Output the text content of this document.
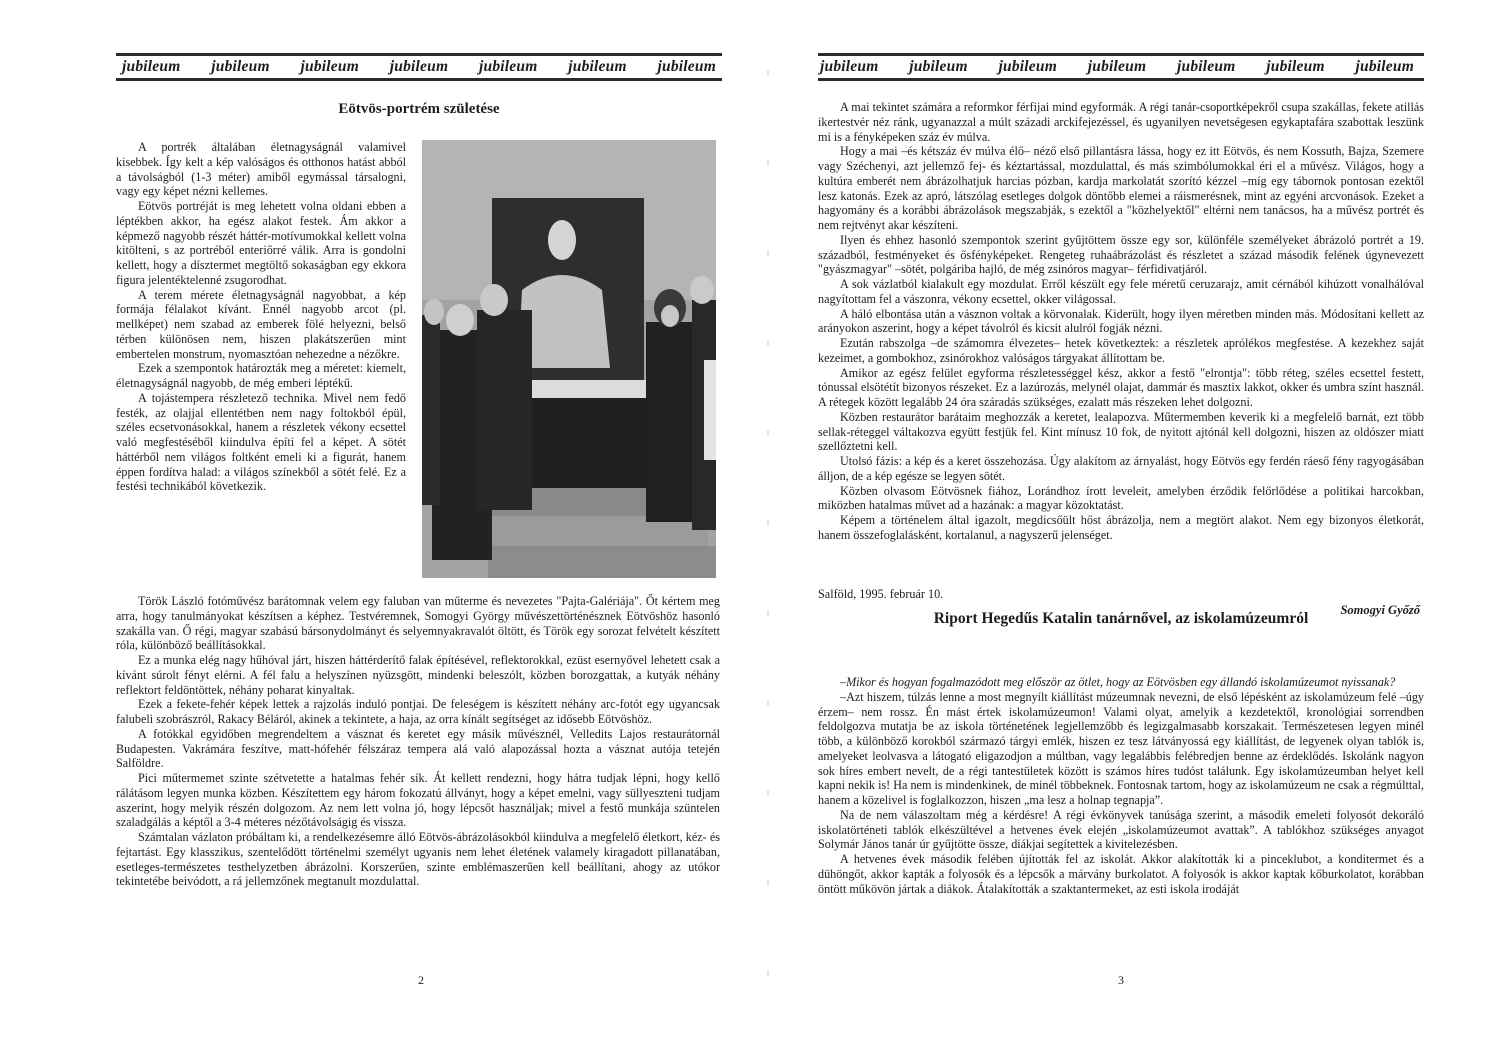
jubileum jubileum jubileum jubileum jubileum jubileum jubileum
Eötvös-portrém születése

A portrék általában életnagyságnál valamivel kisebbek. Így kelt a kép valóságos és otthonos hatást abból a távolságból (1-3 méter) amiből egymással társalogni, vagy egy képet nézni kellemes.

Eötvös portréját is meg lehetett volna oldani ebben a léptékben akkor, ha egész alakot festek. Ám akkor a képmező nagyobb részét háttér-motívumokkal kellett volna kitölteni, s az portréból enteriőrré válik. Arra is gondolni kellett, hogy a dísztermet megtöltő sokaságban egy ekkora figura jelentéktelenné zsugorodhat.

A terem mérete életnagyságnál nagyobbat, a kép formája félalakot kívánt. Ennél nagyobb arcot (pl. mellképet) nem szabad az emberek fölé helyezni, belső térben különösen nem, hiszen plakátszerűen mint embertelen monstrum, nyomasztóan nehezedne a nézőkre.

Ezek a szempontok határozták meg a méretet: kiemelt, életnagyságnál nagyobb, de még emberi léptékű.

A tojástempera részletező technika. Mivel nem fedő festék, az olajjal ellentétben nem nagy foltokból épül, széles ecsetvonásokkal, hanem a részletek vékony ecsettel való megfestéséből kiindulva építi fel a képet. A sötét háttérből nem világos foltként emeli ki a figurát, hanem éppen fordítva halad: a világos színekből a sötét felé. Ez a festési technikából következik.

Török László fotóművész barátomnak velem egy faluban van műterme és nevezetes "Pajta-Galériája". Őt kértem meg arra, hogy tanulmányokat készítsen a képhez. Testvéremnek, Somogyi György művészettörténésznek Eötvöshöz hasonló szakálla van. Ő régi, magyar szabású bársonydolmányt és selyemnyakravalót öltött, és Török egy sorozat felvételt készített róla, különböző beállításokkal.

Ez a munka elég nagy hűhóval járt, hiszen háttérderítő falak építésével, reflektorokkal, ezüst esernyővel lehetett csak a kívánt súrolt fényt elérni. A fél falu a helyszínen nyüzsgött, mindenki beleszólt, közben borozgattak, a kutyák néhány reflektort feldöntöttek, néhány poharat kinyaltak.

Ezek a fekete-fehér képek lettek a rajzolás induló pontjai. De feleségem is készített néhány arc-fotót egy ugyancsak falubeli szobrászról, Rakacy Béláról, akinek a tekintete, a haja, az orra kínált segítséget az idősebb Eötvöshöz.

A fotókkal egyidőben megrendeltem a vásznat és keretet egy másik művésznél, Velledits Lajos restaurátornál Budapesten. Vakrámára feszítve, matt-hófehér félszáraz tempera alá való alapozással hozta a vásznat autója tetején Salföldre.

Pici műtermemet szinte szétvetette a hatalmas fehér sík. Át kellett rendezni, hogy hátra tudjak lépni, hogy kellő rálátásom legyen munka közben. Készítettem egy három fokozatú állványt, hogy a képet emelni, vagy süllyeszteni tudjam aszerint, hogy melyik részén dolgozom. Az nem lett volna jó, hogy lépcsőt használjak; mivel a festő munkája szüntelen szaladgálás a képtől a 3-4 méteres nézőtávolságig és vissza.

Számtalan vázlaton próbáltam ki, a rendelkezésemre álló Eötvös-ábrázolásokból kiindulva a megfelelő életkort, kéz- és fejtartást. Egy klasszikus, szentelődött történelmi személyt ugyanis nem lehet életének valamely kiragadott pillanatában, esetleges-természetes testhelyzetben ábrázolni. Korszerűen, szinte emblémaszerűen kell beállítani, ahogy az utókor tekintetébe beivódott, a rá jellemzőnek megtanult mozdulattal.

2
jubileum jubileum jubileum jubileum jubileum jubileum jubileum

A mai tekintet számára a reformkor férfijai mind egyformák. A régi tanár-csoportképekről csupa szakállas, fekete atillás ikertestvér néz ránk, ugyanazzal a múlt századi arckifejezéssel, és ugyanilyen nevetségesen egykaptafára szabottak leszünk mi is a fényképeken száz év múlva.

Hogy a mai –és kétszáz év múlva élő– néző első pillantásra lássa, hogy ez itt Eötvös, és nem Kossuth, Bajza, Szemere vagy Széchenyi, azt jellemző fej- és kéztartással, mozdulattal, és más szimbólumokkal éri el a művész. Világos, hogy a kultúra emberét nem ábrázolhatjuk harcias pózban, kardja markolatát szorító kézzel –míg egy tábornok pontosan ezektől lesz katonás. Ezek az apró, látszólag esetleges dolgok döntőbb elemei a ráismerésnek, mint az egyéni arcvonások. Ezeket a hagyomány és a korábbi ábrázolások megszabják, s ezektől a "közhelyektől" eltérni nem tanácsos, ha a művész portrét és nem rejtvényt akar készíteni.

Ilyen és ehhez hasonló szempontok szerint gyűjtöttem össze egy sor, különféle személyeket ábrázoló portrét a 19. századból, festményeket és ősfényképeket. Rengeteg ruhaábrázolást és részletet a század második felének úgynevezett "gyászmagyar" –sötét, polgáriba hajló, de még zsinóros magyar– férfidivatjáról.

A sok vázlatból kialakult egy mozdulat. Erről készült egy fele méretű ceruzarajz, amit cérnából kihúzott vonalhálóval nagyítottam fel a vászonra, vékony ecsettel, okker világossal.

A háló elbontása után a vásznon voltak a körvonalak. Kiderült, hogy ilyen méretben minden más. Módosítani kellett az arányokon aszerint, hogy a képet távolról és kicsit alulról fogják nézni.

Ezután rabszolga –de számomra élvezetes– hetek következtek: a részletek aprólékos megfestése. A kezekhez saját kezeimet, a gombokhoz, zsinórokhoz valóságos tárgyakat állítottam be.

Amikor az egész felület egyforma részletességgel kész, akkor a festő "elrontja": több réteg, széles ecsettel festett, tónussal elsötétít bizonyos részeket. Ez a lazúrozás, melynél olajat, dammár és masztix lakkot, okker és umbra színt használ. A rétegek között legalább 24 óra száradás szükséges, ezalatt más részeken lehet dolgozni.

Közben restaurátor barátaim meghozzák a keretet, lealapozva. Műtermemben keverik ki a megfelelő barnát, ezt több sellak-réteggel váltakozva együtt festjük fel. Kint mínusz 10 fok, de nyitott ajtónál kell dolgozni, hiszen az oldószer miatt szellőztetni kell.

Utolsó fázis: a kép és a keret összehozása. Úgy alakítom az árnyalást, hogy Eötvös egy ferdén ráeső fény ragyogásában álljon, de a kép egésze se legyen sötét.

Közben olvasom Eötvösnek fiához, Lorándhoz írott leveleit, amelyben érződik felőrlődése a politikai harcokban, miközben hatalmas művet ad a hazának: a magyar közoktatást.

Képem a történelem által igazolt, megdicsőült hőst ábrázolja, nem a megtört alakot. Nem egy bizonyos életkorát, hanem összefoglalásként, kortalanul, a nagyszerű jelenséget.

Salföld, 1995. február 10.
Somogyi Győző
Riport Hegedűs Katalin tanárnővel, az iskolamúzeumról

–Mikor és hogyan fogalmazódott meg először az ötlet, hogy az Eötvösben egy állandó iskolamúzeumot nyissanak?

–Azt hiszem, túlzás lenne a most megnyílt kiállítást múzeumnak nevezni, de első lépésként az iskolamúzeum felé –úgy érzem– nem rossz. Én mást értek iskolamúzeumon! Valami olyat, amelyik a kezdetektől, kronológiai sorrendben feldolgozva mutatja be az iskola történetének legjellemzőbb és legizgalmasabb korszakait. Természetesen legyen minél több, a különböző korokból származó tárgyi emlék, hiszen ez tesz látványossá egy kiállítást, de legyenek olyan tablók is, amelyeket leolvasva a látogató eligazodjon a múltban, vagy legalábbis felébredjen benne az érdeklődés. Iskolánk nagyon sok híres embert nevelt, de a régi tantestületek között is számos híres tudóst találunk. Egy iskolamúzeumban helyet kell kapni nekik is! Ha nem is mindenkinek, de minél többeknek. Fontosnak tartom, hogy az iskolamúzeum ne csak a régmúlttal, hanem a közelivel is foglalkozzon, hiszen „ma lesz a holnap tegnapja”.

Na de nem válaszoltam még a kérdésre! A régi évkönyvek tanúsága szerint, a második emeleti folyosót dekoráló iskolatörténeti tablók elkészültével a hetvenes évek elején „iskolamúzeumot avattak”. A tablókhoz szükséges anyagot Solymár János tanár úr gyűjtötte össze, diákjai segítettek a kivitelezésben.

A hetvenes évek második felében újították fel az iskolát. Akkor alakították ki a pinceklubot, a konditermet és a dühöngőt, akkor kapták a folyosók és a lépcsők a márvány burkolatot. A folyosók is akkor kaptak kőburkolatot, korábban öntött műkövön jártak a diákok. Átalakították a szaktantermeket, az esti iskola irodáját

3
